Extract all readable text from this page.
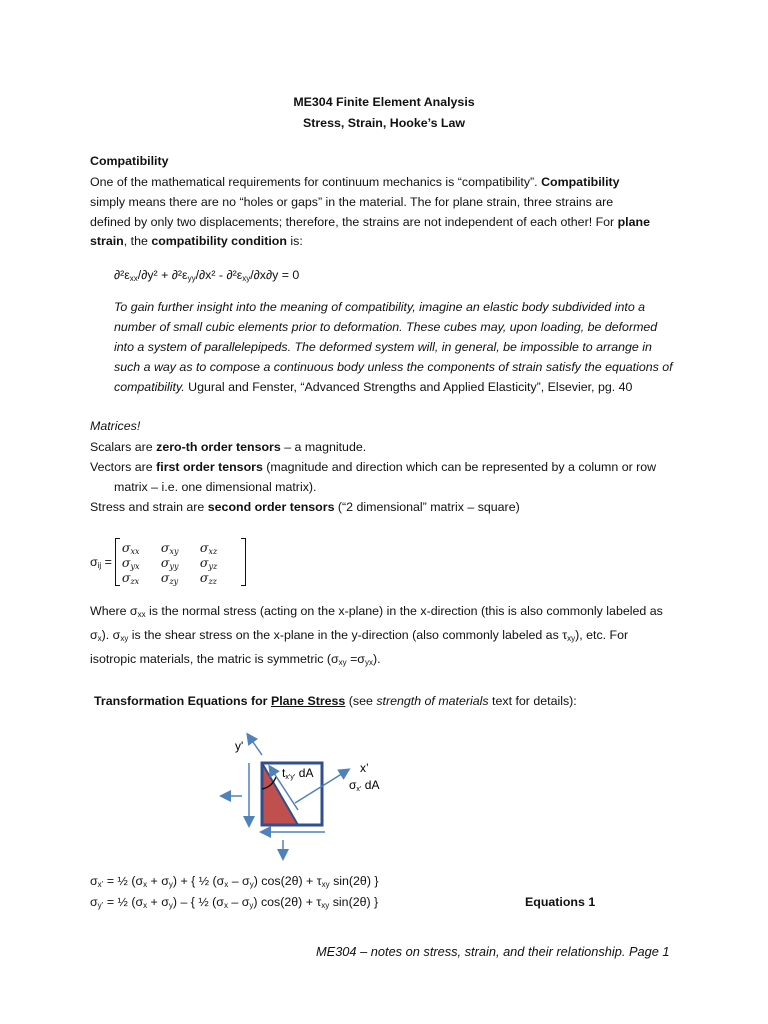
ME304 Finite Element Analysis
Stress, Strain, Hooke’s Law
Compatibility
One of the mathematical requirements for continuum mechanics is “compatibility”. Compatibility
simply means there are no “holes or gaps” in the material. The for plane strain, three strains are
defined by only two displacements; therefore, the strains are not independent of each other! For plane
strain, the compatibility condition is:
$\partial^2\varepsilon_{xx}/\partial y^2 + \partial^2\varepsilon_{yy}/\partial x^2 - \partial^2\varepsilon_{xy}/\partial x\partial y = 0$
To gain further insight into the meaning of compatibility, imagine an elastic body subdivided into a
number of small cubic elements prior to deformation. These cubes may, upon loading, be deformed
into a system of parallelepipeds. The deformed system will, in general, be impossible to arrange in
such a way as to compose a continuous body unless the components of strain satisfy the equations of
compatibility. Ugural and Fenster, “Advanced Strengths and Applied Elasticity”, Elsevier, pg. 40
Matrices!
Scalars are zero-th order tensors – a magnitude.
Vectors are first order tensors (magnitude and direction which can be represented by a column or row
matrix – i.e. one dimensional matrix).
Stress and strain are second order tensors (“2 dimensional” matrix – square)
$\sigma_{ij}$ =
$\sigma_{xx}$	$\sigma_{xy}$	$\sigma_{xz}$
$\sigma_{yx}$	$\sigma_{yy}$	$\sigma_{yz}$
$\sigma_{zx}$	$\sigma_{zy}$	$\sigma_{zz}$
Where $\sigma_{xx}$ is the normal stress (acting on the x-plane) in the x-direction (this is also commonly labeled as
$\sigma_x$). $\sigma_{xy}$ is the shear stress on the x-plane in the y-direction (also commonly labeled as $\tau_{xy}$), etc. For
isotropic materials, the matric is symmetric $(\sigma_{xy} =\sigma_{yx})$.
Transformation Equations for Plane Stress (see strength of materials text for details):
y'
x’
tx’y’ dA
σx’ dA
$\sigma_{x’}$ = ½ $(\sigma_x + \sigma_y)$ + { ½ $(\sigma_x - \sigma_y) \cos(2\theta) + \tau_{xy}$ sin(2θ) }
$\sigma_{y’}$ = ½ $(\sigma_x + \sigma_y)$ – { ½ $(\sigma_x - \sigma_y) \cos(2\theta) + \tau_{xy}$ sin(2θ) }	Equations 1
ME304 – notes on stress, strain, and their relationship. Page 1
